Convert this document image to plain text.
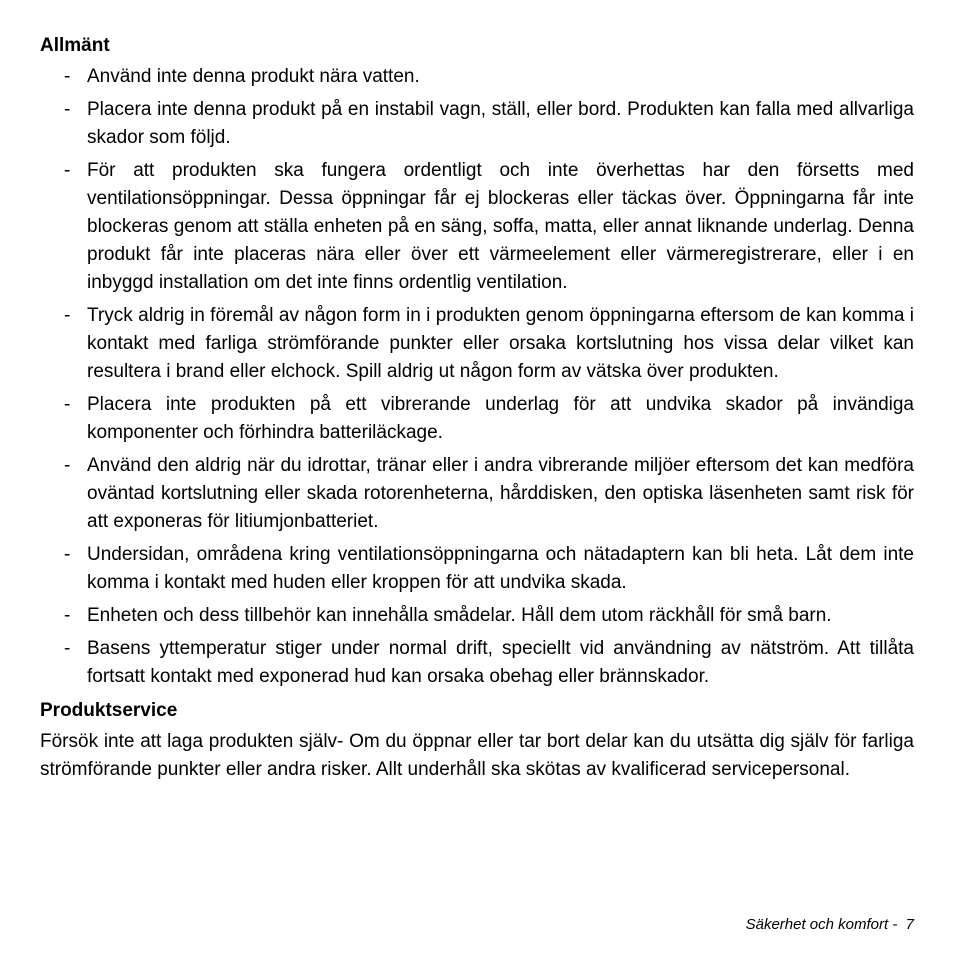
Allmänt
- Använd inte denna produkt nära vatten.
- Placera inte denna produkt på en instabil vagn, ställ, eller bord. Produkten kan falla med allvarliga skador som följd.
- För att produkten ska fungera ordentligt och inte överhettas har den försetts med ventilationsöppningar. Dessa öppningar får ej blockeras eller täckas över. Öppningarna får inte blockeras genom att ställa enheten på en säng, soffa, matta, eller annat liknande underlag. Denna produkt får inte placeras nära eller över ett värmeelement eller värmeregistrerare, eller i en inbyggd installation om det inte finns ordentlig ventilation.
- Tryck aldrig in föremål av någon form in i produkten genom öppningarna eftersom de kan komma i kontakt med farliga strömförande punkter eller orsaka kortslutning hos vissa delar vilket kan resultera i brand eller elchock. Spill aldrig ut någon form av vätska över produkten.
- Placera inte produkten på ett vibrerande underlag för att undvika skador på invändiga komponenter och förhindra batteriläckage.
- Använd den aldrig när du idrottar, tränar eller i andra vibrerande miljöer eftersom det kan medföra oväntad kortslutning eller skada rotorenheterna, hårddisken, den optiska läsenheten samt risk för att exponeras för litiumjonbatteriet.
- Undersidan, områdena kring ventilationsöppningarna och nätadaptern kan bli heta. Låt dem inte komma i kontakt med huden eller kroppen för att undvika skada.
- Enheten och dess tillbehör kan innehålla smådelar. Håll dem utom räckhåll för små barn.
- Basens yttemperatur stiger under normal drift, speciellt vid användning av nätström. Att tillåta fortsatt kontakt med exponerad hud kan orsaka obehag eller brännskador.
Produktservice

Försök inte att laga produkten själv- Om du öppnar eller tar bort delar kan du utsätta dig själv för farliga strömförande punkter eller andra risker. Allt underhåll ska skötas av kvalificerad servicepersonal.

Säkerhet och komfort -  7
